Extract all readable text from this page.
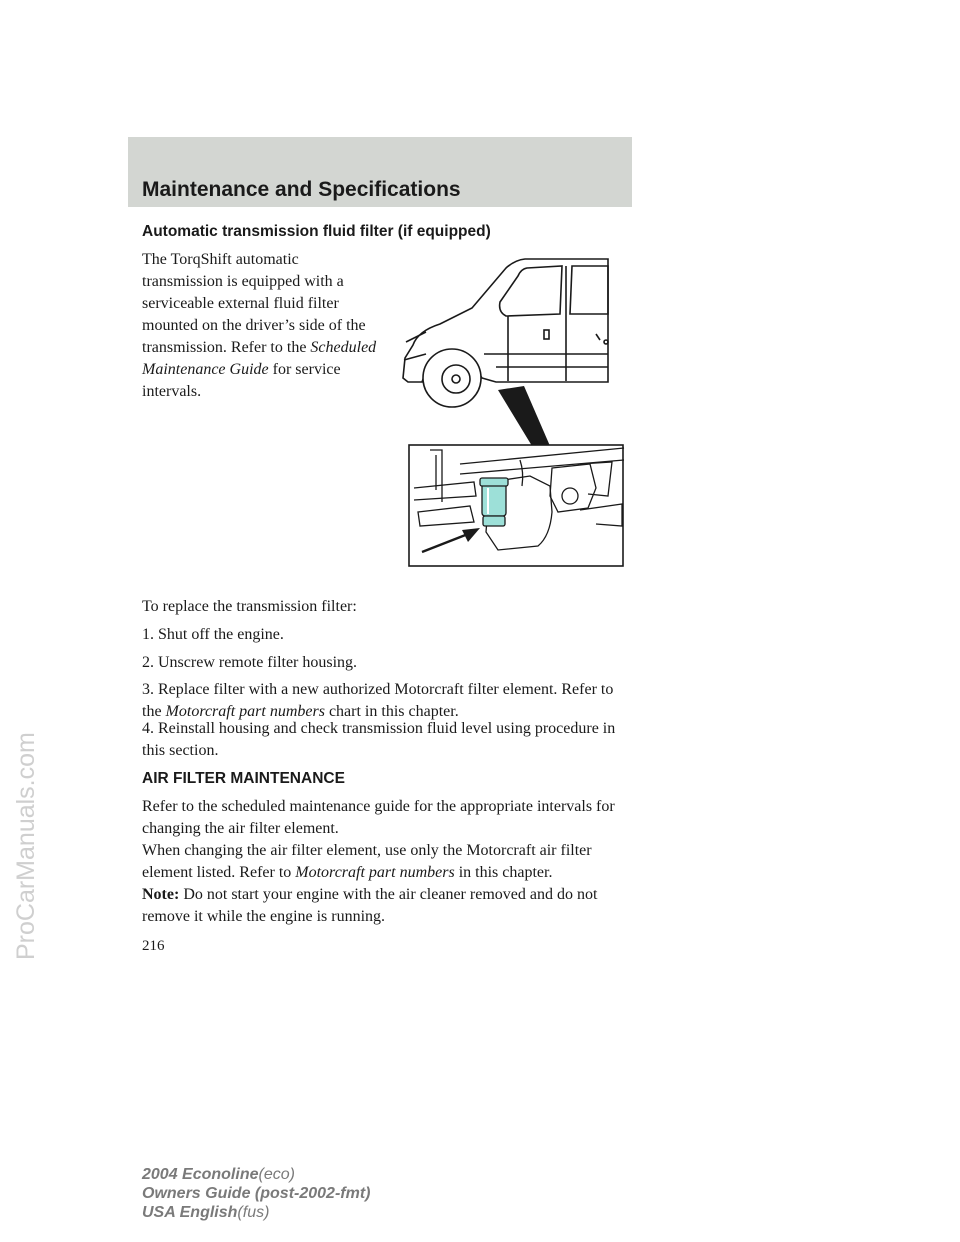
Maintenance and Specifications
ProCarManuals.com
Automatic transmission fluid filter (if equipped)

The TorqShift automatic transmission is equipped with a serviceable external fluid filter mounted on the driver’s side of the transmission. Refer to the Scheduled Maintenance Guide for service intervals.

To replace the transmission filter:

1. Shut off the engine.

2. Unscrew remote filter housing.

3. Replace filter with a new authorized Motorcraft filter element. Refer to the Motorcraft part numbers chart in this chapter.

4. Reinstall housing and check transmission fluid level using procedure in this section.

AIR FILTER MAINTENANCE

Refer to the scheduled maintenance guide for the appropriate intervals for changing the air filter element.

When changing the air filter element, use only the Motorcraft air filter element listed. Refer to Motorcraft part numbers in this chapter.

Note: Do not start your engine with the air cleaner removed and do not remove it while the engine is running.

216

2004 Econoline(eco)
Owners Guide (post-2002-fmt)
USA English(fus)
